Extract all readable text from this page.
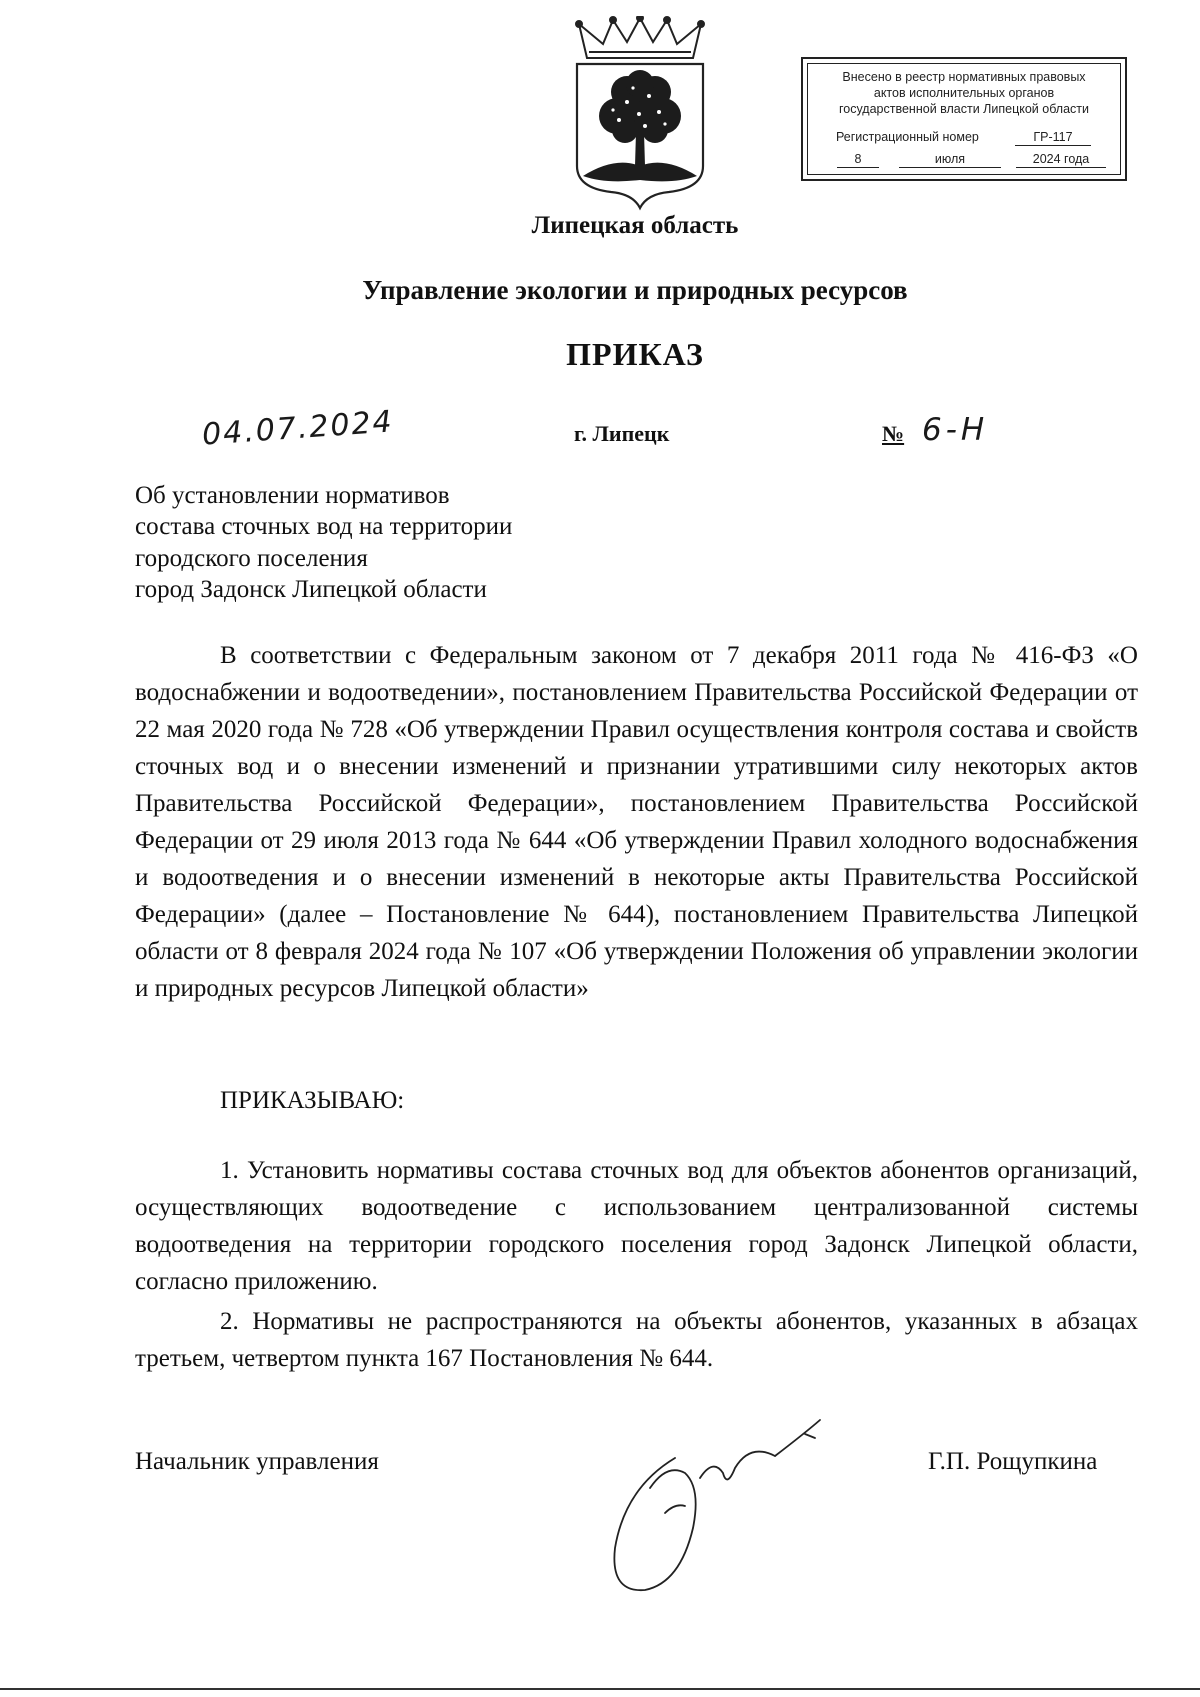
Внесено в реестр нормативных правовых
актов исполнительных органов
государственной власти Липецкой области
Регистрационный номер	ГР-117
8	июля	2024 года
Липецкая область
Управление экологии и природных ресурсов
ПРИКАЗ
04.07.2024	г. Липецк	№ 6-Н
Об установлении нормативов
состава сточных вод на территории
городского поселения
город Задонск Липецкой области

В соответствии с Федеральным законом от 7 декабря 2011 года № 416-ФЗ «О водоснабжении и водоотведении», постановлением Правительства Российской Федерации от 22 мая 2020 года № 728 «Об утверждении Правил осуществления контроля состава и свойств сточных вод и о внесении изменений и признании утратившими силу некоторых актов Правительства Российской Федерации», постановлением Правительства Российской Федерации от 29 июля 2013 года № 644 «Об утверждении Правил холодного водоснабжения и водоотведения и о внесении изменений в некоторые акты Правительства Российской Федерации» (далее – Постановление № 644), постановлением Правительства Липецкой области от 8 февраля 2024 года № 107 «Об утверждении Положения об управлении экологии и природных ресурсов Липецкой области»

ПРИКАЗЫВАЮ:

1. Установить нормативы состава сточных вод для объектов абонентов организаций, осуществляющих водоотведение с использованием централизованной системы водоотведения на территории городского поселения город Задонск Липецкой области, согласно приложению.

2. Нормативы не распространяются на объекты абонентов, указанных в абзацах третьем, четвертом пункта 167 Постановления № 644.

Начальник управления	Г.П. Рощупкина
